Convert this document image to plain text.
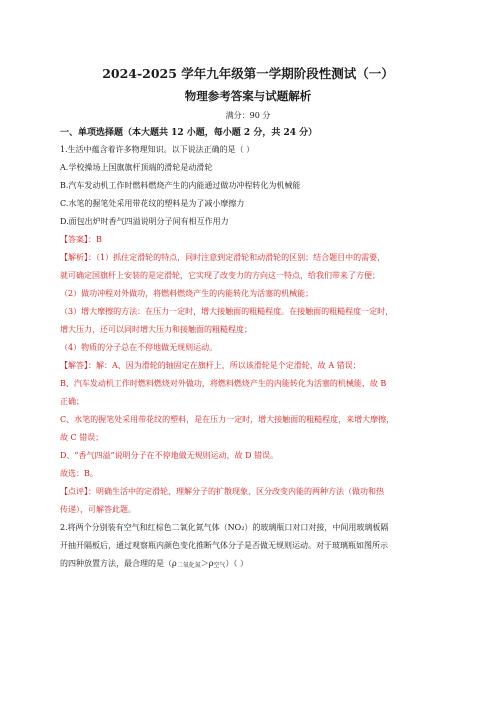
2024-2025 学年九年级第一学期阶段性测试（一）
物理参考答案与试题解析
满分：90 分
一、单项选择题（本大题共 12 小题，每小题 2 分，共 24 分）
1.生活中蕴含着许多物理知识。以下说法正确的是（ ）
A.学校操场上国旗旗杆顶端的滑轮是动滑轮
B.汽车发动机工作时燃料燃烧产生的内能通过做功冲程转化为机械能
C.水笔的握笔处采用带花纹的塑料是为了减小摩擦力
D.面包出炉时香气四溢说明分子间有相互作用力
【答案】：B
【解析】：（1）抓住定滑轮的特点，同时注意到定滑轮和动滑轮的区别；结合题目中的需要，
就可确定国旗杆上安装的是定滑轮，它实现了改变力的方向这一特点，给我们带来了方便；
（2）做功冲程对外做功，将燃料燃烧产生的内能转化为活塞的机械能；
（3）增大摩擦的方法：在压力一定时，增大接触面的粗糙程度。在接触面的粗糙程度一定时，
增大压力，还可以同时增大压力和接触面的粗糙程度；
（4）物质的分子总在不停地做无规则运动。
【解答】：解：A、因为滑轮的轴固定在旗杆上，所以该滑轮是个定滑轮，故 A 错误；
B、汽车发动机工作时燃料燃烧对外做功，将燃料燃烧产生的内能转化为活塞的机械能，故 B
正确；
C、水笔的握笔处采用带花纹的塑料，是在压力一定时，增大接触面的粗糙程度，来增大摩擦，
故 C 错误；
D、“香气四溢”说明分子在不停地做无规则运动，故 D 错误。
故选：B。
【点评】：明确生活中的定滑轮、理解分子的扩散现象、区分改变内能的两种方法（做功和热
传递），可解答此题。
2.将两个分别装有空气和红棕色二氧化氮气体（NO₂）的玻璃瓶口对口对接，中间用玻璃板隔
开抽开隔板后，通过观察瓶内颜色变化推断气体分子是否做无规则运动。对于玻璃瓶如图所示
的四种放置方法，最合理的是（ρ二氧化氮＞ρ空气）（ ）
